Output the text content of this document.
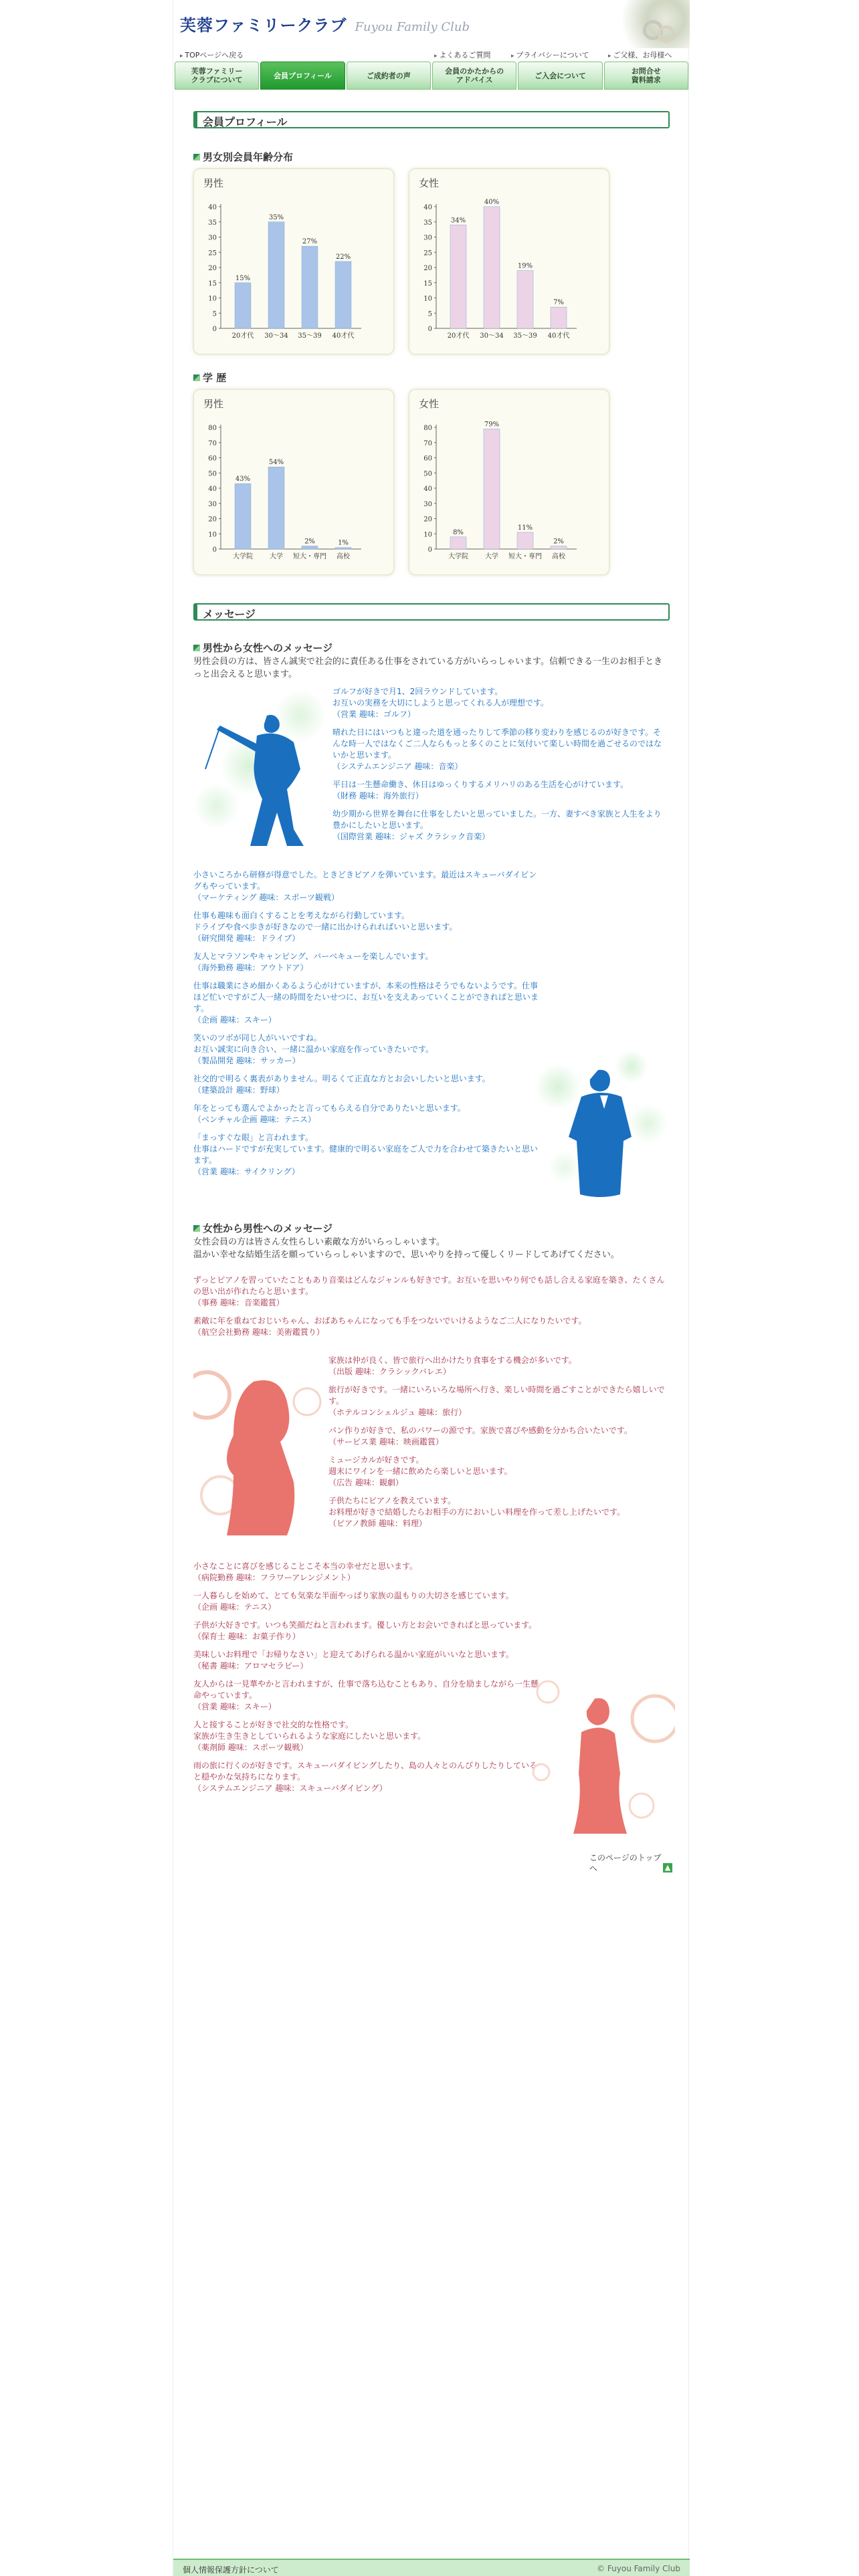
芙蓉ファミリークラブ Fuyou Family Club
▸ TOPページへ戻る	▸ よくあるご質問	▸ プライバシーについて	▸ ご父様、お母様へ
芙蓉ファミリー
クラブについて	会員プロフィール	ご成約者の声	会員のかたからの
アドバイス	ご入会について	お問合せ
資料請求
会員プロフィール
男女別会員年齢分布
男性
0
5
10
15
20
25
30
35
40
15%
20才代
35%
30〜34
27%
35〜39
22%
40才代
女性
0
5
10
15
20
25
30
35
40
34%
20才代
40%
30〜34
19%
35〜39
7%
40才代
学 歴
男性
0
10
20
30
40
50
60
70
80
43%
大学院
54%
大学
2%
短大・専門
1%
高校
女性
0
10
20
30
40
50
60
70
80
8%
大学院
79%
大学
11%
短大・専門
2%
高校
メッセージ
男性から女性へのメッセージ
男性会員の方は、皆さん誠実で社会的に責任ある仕事をされている方がいらっしゃいます。信頼できる一生のお相手ときっと出会えると思います。
ゴルフが好きで月1、2回ラウンドしています。
お互いの実務を大切にしようと思ってくれる人が理想です。
（営業 趣味：ゴルフ）
晴れた日にはいつもと違った道を通ったりして季節の移り変わりを感じるのが好きです。そんな時一人ではなくご二人ならもっと多くのことに気付いて楽しい時間を過ごせるのではないかと思います。
（システムエンジニア 趣味：音楽）
平日は一生懸命働き、休日はゆっくりするメリハリのある生活を心がけています。
（財務 趣味：海外旅行）
幼少期から世界を舞台に仕事をしたいと思っていました。一方、妻すべき家族と人生をより豊かにしたいと思います。
（国際営業 趣味：ジャズ クラシック音楽）
小さいころから研修が得意でした。ときどきピアノを弾いています。最近はスキューバダイビングもやっています。
（マーケティング 趣味：スポーツ観戦）
仕事も趣味も面白くすることを考えながら行動しています。
ドライブや食べ歩きが好きなので一緒に出かけられればいいと思います。
（研究開発 趣味：ドライブ）
友人とマラソンやキャンピング、バーベキューを楽しんでいます。
（海外勤務 趣味：アウトドア）
仕事は職業にさめ細かくあるよう心がけていますが、本来の性格はそうでもないようです。仕事ほど忙いですがご人一緒の時間をたいせつに、お互いを支えあっていくことができればと思います。
（企画 趣味：スキー）
笑いのツボが同じ人がいいですね。
お互い誠実に向き合い、一緒に温かい家庭を作っていきたいです。
（製品開発 趣味：サッカー）
社交的で明るく裏表がありません。明るくて正直な方とお会いしたいと思います。
（建築設計 趣味：野球）
年をとっても選んでよかったと言ってもらえる自分でありたいと思います。
（ベンチャル企画 趣味：テニス）
「まっすぐな眼」と言われます。
仕事はハードですが充実しています。健康的で明るい家庭をご人で力を合わせて築きたいと思います。
（営業 趣味：サイクリング）
女性から男性へのメッセージ
女性会員の方は皆さん女性らしい素敵な方がいらっしゃいます。
温かい幸せな結婚生活を願っていらっしゃいますので、思いやりを持って優しくリードしてあげてください。
ずっとピアノを習っていたこともあり音楽はどんなジャンルも好きです。お互いを思いやり何でも話し合える家庭を築き、たくさんの思い出が作れたらと思います。
（事務 趣味：音楽鑑賞）
素敵に年を重ねておじいちゃん、おばあちゃんになっても手をつないでいけるようなご二人になりたいです。
（航空会社勤務 趣味：美術鑑賞り）
家族は仲が良く、皆で旅行へ出かけたり食事をする機会が多いです。
（出版 趣味：クラシックバレエ）
旅行が好きです。一緒にいろいろな場所へ行き、楽しい時間を過ごすことができたら嬉しいです。
（ホテルコンシェルジュ 趣味：旅行）
パン作りが好きで、私のパワーの源です。家族で喜びや感動を分かち合いたいです。
（サービス業 趣味：映画鑑賞）
ミュージカルが好きです。
週末にワインを一緒に飲めたら楽しいと思います。
（広告 趣味：観劇）
子供たちにピアノを教えています。
お料理が好きで結婚したらお相手の方においしい料理を作って差し上げたいです。
（ピアノ教師 趣味：料理）
小さなことに喜びを感じることこそ本当の幸せだと思います。
（病院勤務 趣味：フラワーアレンジメント）
一人暮らしを始めて、とても気楽な半面やっぱり家族の温もりの大切さを感じています。
（企画 趣味：テニス）
子供が大好きです。いつも笑顔だねと言われます。優しい方とお会いできればと思っています。
（保育士 趣味：お菓子作り）
美味しいお料理で「お帰りなさい」と迎えてあげられる温かい家庭がいいなと思います。
（秘書 趣味：アロマセラピー）
友人からは一見華やかと言われますが、仕事で落ち込むこともあり、自分を励ましながら一生懸命やっています。
（営業 趣味：スキー）
人と接することが好きで社交的な性格です。
家族が生き生きとしていられるような家庭にしたいと思います。
（薬剤師 趣味：スポーツ観戦）
雨の旅に行くのが好きです。スキューバダイビングしたり、島の人々とのんびりしたりしていると穏やかな気持ちになります。
（システムエンジニア 趣味：スキューバダイビング）
このページのトップへ	▲
個人情報保護方針について	© Fuyou Family Club
